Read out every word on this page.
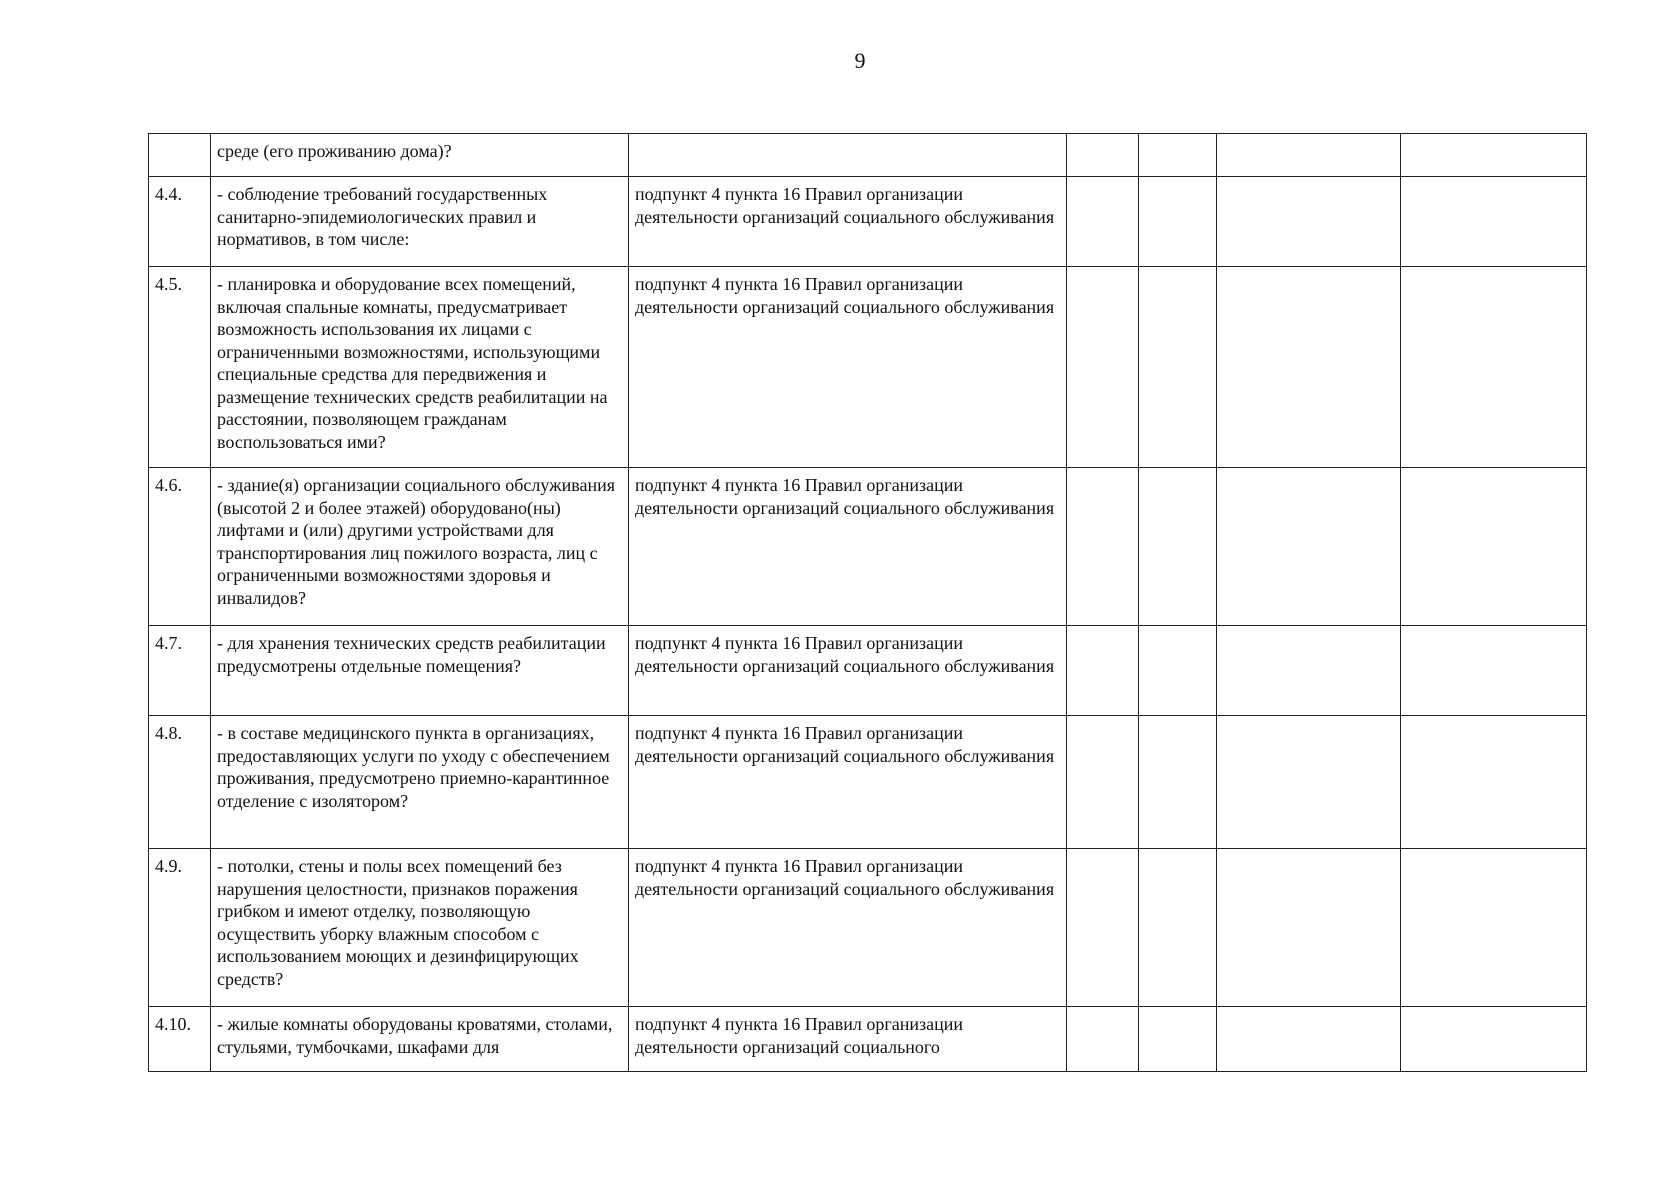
9
	среде (его проживанию дома)?					
4.4.	- соблюдение требований государственных санитарно-эпидемиологических правил и нормативов, в том числе:	подпункт 4 пункта 16 Правил организации деятельности организаций социального обслуживания				
4.5.	- планировка и оборудование всех помещений, включая спальные комнаты, предусматривает возможность использования их лицами с ограниченными возможностями, использующими специальные средства для передвижения и размещение технических средств реабилитации на расстоянии, позволяющем гражданам воспользоваться ими?	подпункт 4 пункта 16 Правил организации деятельности организаций социального обслуживания				
4.6.	- здание(я) организации социального обслуживания (высотой 2 и более этажей) оборудовано(ны) лифтами и (или) другими устройствами для транспортирования лиц пожилого возраста, лиц с ограниченными возможностями здоровья и инвалидов?	подпункт 4 пункта 16 Правил организации деятельности организаций социального обслуживания				
4.7.	- для хранения технических средств реабилитации предусмотрены отдельные помещения?	подпункт 4 пункта 16 Правил организации деятельности организаций социального обслуживания				
4.8.	- в составе медицинского пункта в организациях, предоставляющих услуги по уходу с обеспечением проживания, предусмотрено приемно-карантинное отделение с изолятором?	подпункт 4 пункта 16 Правил организации деятельности организаций социального обслуживания				
4.9.	- потолки, стены и полы всех помещений без нарушения целостности, признаков поражения грибком и имеют отделку, позволяющую осуществить уборку влажным способом с использованием моющих и дезинфицирующих средств?	подпункт 4 пункта 16 Правил организации деятельности организаций социального обслуживания				
4.10.	- жилые комнаты оборудованы кроватями, столами, стульями, тумбочками, шкафами для	подпункт 4 пункта 16 Правил организации деятельности организаций социального				
